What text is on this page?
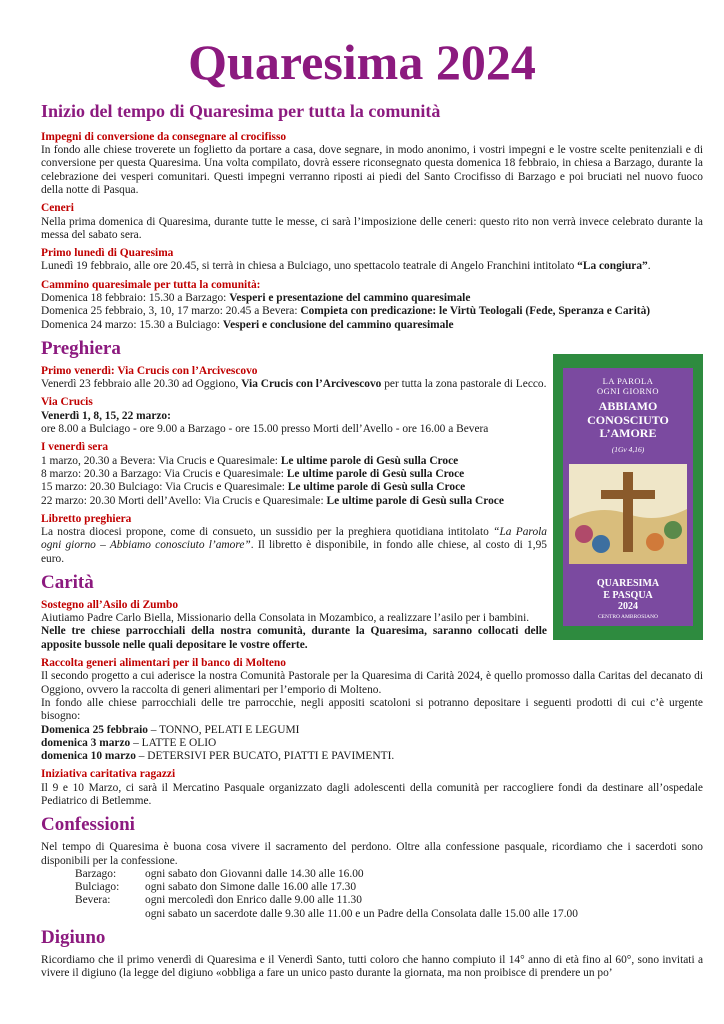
Quaresima 2024
Inizio del tempo di Quaresima per tutta la comunità
Impegni di conversione da consegnare al crocifisso

In fondo alle chiese troverete un foglietto da portare a casa, dove segnare, in modo anonimo, i vostri impegni e le vostre scelte penitenziali e di conversione per questa Quaresima. Una volta compilato, dovrà essere riconsegnato questa domenica 18 febbraio, in chiesa a Barzago, durante la celebrazione dei vesperi comunitari. Questi impegni verranno riposti ai piedi del Santo Crocifisso di Barzago e poi bruciati nel nuovo fuoco della notte di Pasqua.

Ceneri

Nella prima domenica di Quaresima, durante tutte le messe, ci sarà l’imposizione delle ceneri: questo rito non verrà invece celebrato durante la messa del sabato sera.

Primo lunedì di Quaresima

Lunedì 19 febbraio, alle ore 20.45, si terrà in chiesa a Bulciago, uno spettacolo teatrale di Angelo Franchini intitolato “La congiura”.

Cammino quaresimale per tutta la comunità:
Domenica 18 febbraio: 15.30 a Barzago: Vesperi e presentazione del cammino quaresimale
Domenica 25 febbraio, 3, 10, 17 marzo: 20.45 a Bevera: Compieta con predicazione: le Virtù Teologali (Fede, Speranza e Carità)
Domenica 24 marzo: 15.30 a Bulciago: Vesperi e conclusione del cammino quaresimale
Preghiera
Primo venerdì: Via Crucis con l’Arcivescovo

Venerdì 23 febbraio alle 20.30 ad Oggiono, Via Crucis con l’Arcivescovo per tutta la zona pastorale di Lecco.

Via Crucis

Venerdì 1, 8, 15, 22 marzo:

ore 8.00 a Bulciago - ore 9.00 a Barzago - ore 15.00 presso Morti dell’Avello - ore 16.00 a Bevera

I venerdì sera
1 marzo, 20.30 a Bevera: Via Crucis e Quaresimale: Le ultime parole di Gesù sulla Croce
8 marzo: 20.30 a Barzago: Via Crucis e Quaresimale: Le ultime parole di Gesù sulla Croce
15 marzo: 20.30 Bulciago: Via Crucis e Quaresimale: Le ultime parole di Gesù sulla Croce
22 marzo: 20.30 Morti dell’Avello: Via Crucis e Quaresimale: Le ultime parole di Gesù sulla Croce
Libretto preghiera

La nostra diocesi propone, come di consueto, un sussidio per la preghiera quotidiana intitolato “La Parola ogni giorno – Abbiamo conosciuto l’amore”. Il libretto è disponibile, in fondo alle chiese, al costo di 1,95 euro.

Carità
Sostegno all’Asilo di Zumbo

Aiutiamo Padre Carlo Biella, Missionario della Consolata in Mozambico, a realizzare l’asilo per i bambini.

Nelle tre chiese parrocchiali della nostra comunità, durante la Quaresima, saranno collocati delle apposite bussole nelle quali depositare le vostre offerte.

Raccolta generi alimentari per il banco di Molteno

Il secondo progetto a cui aderisce la nostra Comunità Pastorale per la Quaresima di Carità 2024, è quello promosso dalla Caritas del decanato di Oggiono, ovvero la raccolta di generi alimentari per l’emporio di Molteno.

In fondo alle chiese parrocchiali delle tre parrocchie, negli appositi scatoloni si potranno depositare i seguenti prodotti di cui c’è urgente bisogno:

Domenica 25 febbraio – TONNO, PELATI E LEGUMI
domenica 3 marzo – LATTE E OLIO
domenica 10 marzo – DETERSIVI PER BUCATO, PIATTI E PAVIMENTI.
Iniziativa caritativa ragazzi

Il 9 e 10 Marzo, ci sarà il Mercatino Pasquale organizzato dagli adolescenti della comunità per raccogliere fondi da destinare all’ospedale Pediatrico di Betlemme.

Confessioni

Nel tempo di Quaresima è buona cosa vivere il sacramento del perdono. Oltre alla confessione pasquale, ricordiamo che i sacerdoti sono disponibili per la confessione.

Barzago:	ogni sabato don Giovanni dalle 14.30 alle 16.00
Bulciago:	ogni sabato don Simone dalle 16.00 alle 17.30
Bevera:	ogni mercoledì don Enrico dalle 9.00 alle 11.30
ogni sabato un sacerdote dalle 9.30 alle 11.00 e un Padre della Consolata dalle 15.00 alle 17.00
Digiuno

Ricordiamo che il primo venerdì di Quaresima e il Venerdì Santo, tutti coloro che hanno compiuto il 14° anno di età fino al 60°, sono invitati a vivere il digiuno (la legge del digiuno «obbliga a fare un unico pasto durante la giornata, ma non proibisce di prendere un po’

LA PAROLA
OGNI GIORNO
ABBIAMO
CONOSCIUTO
L’AMORE
(1Gv 4,16)
QUARESIMA
E PASQUA
2024
CENTRO AMBROSIANO
